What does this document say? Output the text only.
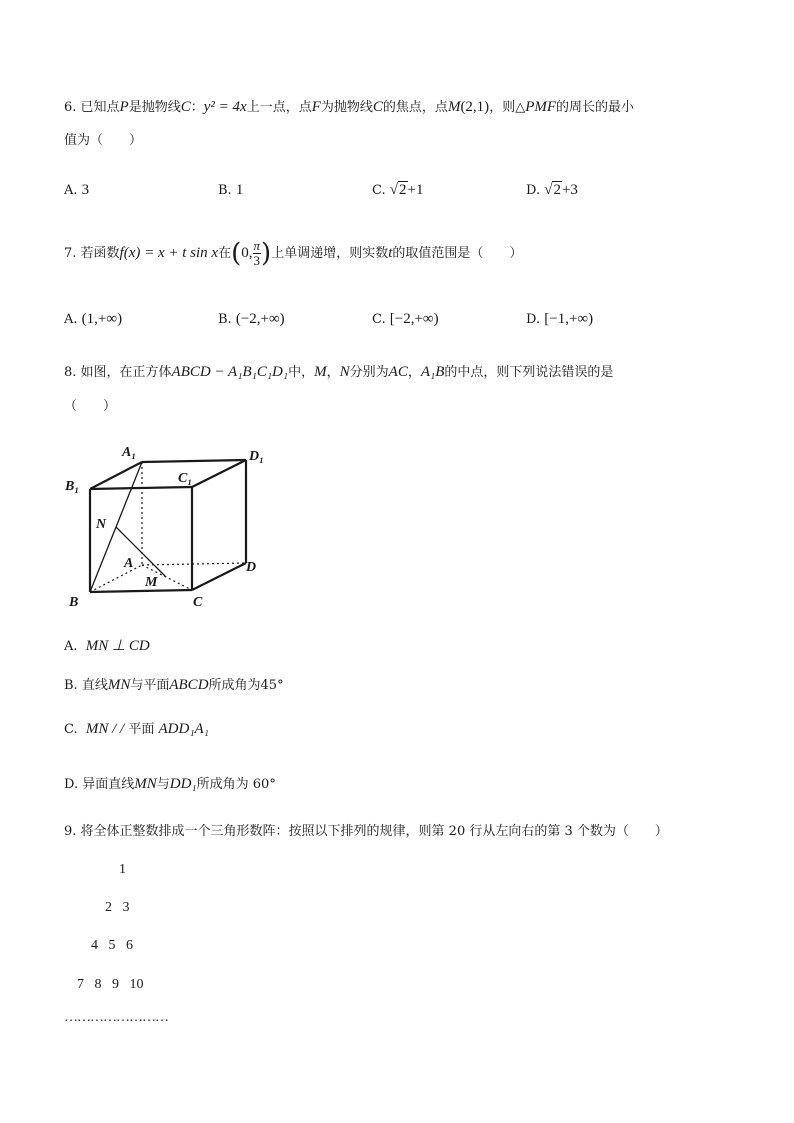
6. 已知点P是抛物线C：y² = 4x上一点，点F为抛物线C的焦点，点M(2,1)，则△PMF的周长的最小
值为（　　）
A. 3	B. 1	C. √2+1	D. √2+3
7. 若函数f(x) = x + t sin x在(0, $\frac{\pi}{3}$ )上单调递增，则实数t的取值范围是（　　）
A. (1,+∞)	B. (−2,+∞)	C. [−2,+∞)	D. [−1,+∞)
8. 如图，在正方体ABCD − A₁B₁C₁D₁中，M，N分别为AC，A₁B的中点，则下列说法错误的是
（　　）
A₁	D₁
B₁
C₁
N
A
M
D
B	C
A. MN ⊥ CD
B. 直线MN与平面ABCD所成角为45°
C. MN / / 平面 ADD₁A₁
D. 异面直线MN与DD₁所成角为 60°
9. 将全体正整数排成一个三角形数阵：按照以下排列的规律，则第 20 行从左向右的第 3 个数为（　　）
1
2   3
4   5   6
7   8   9   10
……………………
